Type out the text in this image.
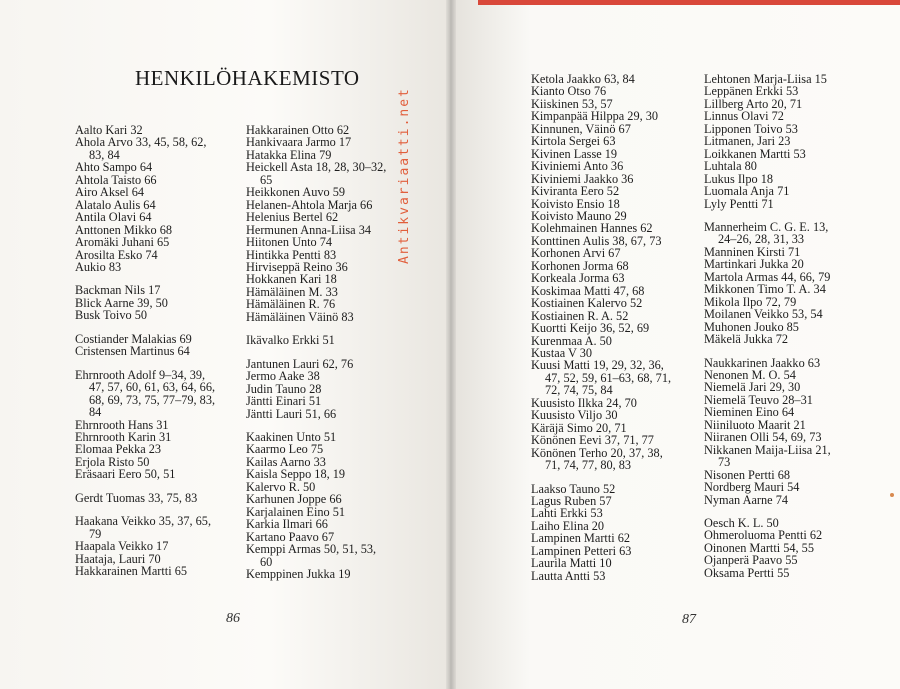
HENKILÖHAKEMISTO
Aalto Kari 32
Ahola Arvo 33, 45, 58, 62,
83, 84
Ahto Sampo 64
Ahtola Taisto 66
Airo Aksel 64
Alatalo Aulis 64
Antila Olavi 64
Anttonen Mikko 68
Aromäki Juhani 65
Arosilta Esko 74
Aukio 83
Backman Nils 17
Blick Aarne 39, 50
Busk Toivo 50
Costiander Malakias 69
Cristensen Martinus 64
Ehrnrooth Adolf 9–34, 39,
47, 57, 60, 61, 63, 64, 66,
68, 69, 73, 75, 77–79, 83,
84
Ehrnrooth Hans 31
Ehrnrooth Karin 31
Elomaa Pekka 23
Erjola Risto 50
Eräsaari Eero 50, 51
Gerdt Tuomas 33, 75, 83
Haakana Veikko 35, 37, 65,
79
Haapala Veikko 17
Haataja, Lauri 70
Hakkarainen Martti 65
Hakkarainen Otto 62
Hankivaara Jarmo 17
Hatakka Elina 79
Heickell Asta 18, 28, 30–32,
65
Heikkonen Auvo 59
Helanen-Ahtola Marja 66
Helenius Bertel 62
Hermunen Anna-Liisa 34
Hiitonen Unto 74
Hintikka Pentti 83
Hirviseppä Reino 36
Hokkanen Kari 18
Hämäläinen M. 33
Hämäläinen R. 76
Hämäläinen Väinö 83
Ikävalko Erkki 51
Jantunen Lauri 62, 76
Jermo Aake 38
Judin Tauno 28
Jäntti Einari 51
Jäntti Lauri 51, 66
Kaakinen Unto 51
Kaarmo Leo 75
Kailas Aarno 33
Kaisla Seppo 18, 19
Kalervo R. 50
Karhunen Joppe 66
Karjalainen Eino 51
Karkia Ilmari 66
Kartano Paavo 67
Kemppi Armas 50, 51, 53,
60
Kemppinen Jukka 19
Ketola Jaakko 63, 84
Kianto Otso 76
Kiiskinen 53, 57
Kimpanpää Hilppa 29, 30
Kinnunen, Väinö 67
Kirtola Sergei 63
Kivinen Lasse 19
Kiviniemi Anto 36
Kiviniemi Jaakko 36
Kiviranta Eero 52
Koivisto Ensio 18
Koivisto Mauno 29
Kolehmainen Hannes 62
Konttinen Aulis 38, 67, 73
Korhonen Arvi 67
Korhonen Jorma 68
Korkeala Jorma 63
Koskimaa Matti 47, 68
Kostiainen Kalervo 52
Kostiainen R. A. 52
Kuortti Keijo 36, 52, 69
Kurenmaa A. 50
Kustaa V 30
Kuusi Matti 19, 29, 32, 36,
47, 52, 59, 61–63, 68, 71,
72, 74, 75, 84
Kuusisto Ilkka 24, 70
Kuusisto Viljo 30
Käräjä Simo 20, 71
Könönen Eevi 37, 71, 77
Könönen Terho 20, 37, 38,
71, 74, 77, 80, 83
Laakso Tauno 52
Lagus Ruben 57
Lahti Erkki 53
Laiho Elina 20
Lampinen Martti 62
Lampinen Petteri 63
Laurila Matti 10
Lautta Antti 53
Lehtonen Marja-Liisa 15
Leppänen Erkki 53
Lillberg Arto 20, 71
Linnus Olavi 72
Lipponen Toivo 53
Litmanen, Jari 23
Loikkanen Martti 53
Luhtala 80
Lukus Ilpo 18
Luomala Anja 71
Lyly Pentti 71
Mannerheim C. G. E. 13,
24–26, 28, 31, 33
Manninen Kirsti 71
Martinkari Jukka 20
Martola Armas 44, 66, 79
Mikkonen Timo T. A. 34
Mikola Ilpo 72, 79
Moilanen Veikko 53, 54
Muhonen Jouko 85
Mäkelä Jukka 72
Naukkarinen Jaakko 63
Nenonen M. O. 54
Niemelä Jari 29, 30
Niemelä Teuvo 28–31
Nieminen Eino 64
Niiniluoto Maarit 21
Niiranen Olli 54, 69, 73
Nikkanen Maija-Liisa 21,
73
Nisonen Pertti 68
Nordberg Mauri 54
Nyman Aarne 74
Oesch K. L. 50
Ohmeroluoma Pentti 62
Oinonen Martti 54, 55
Ojanperä Paavo 55
Oksama Pertti 55
86	87
Antikvariaatti.net
